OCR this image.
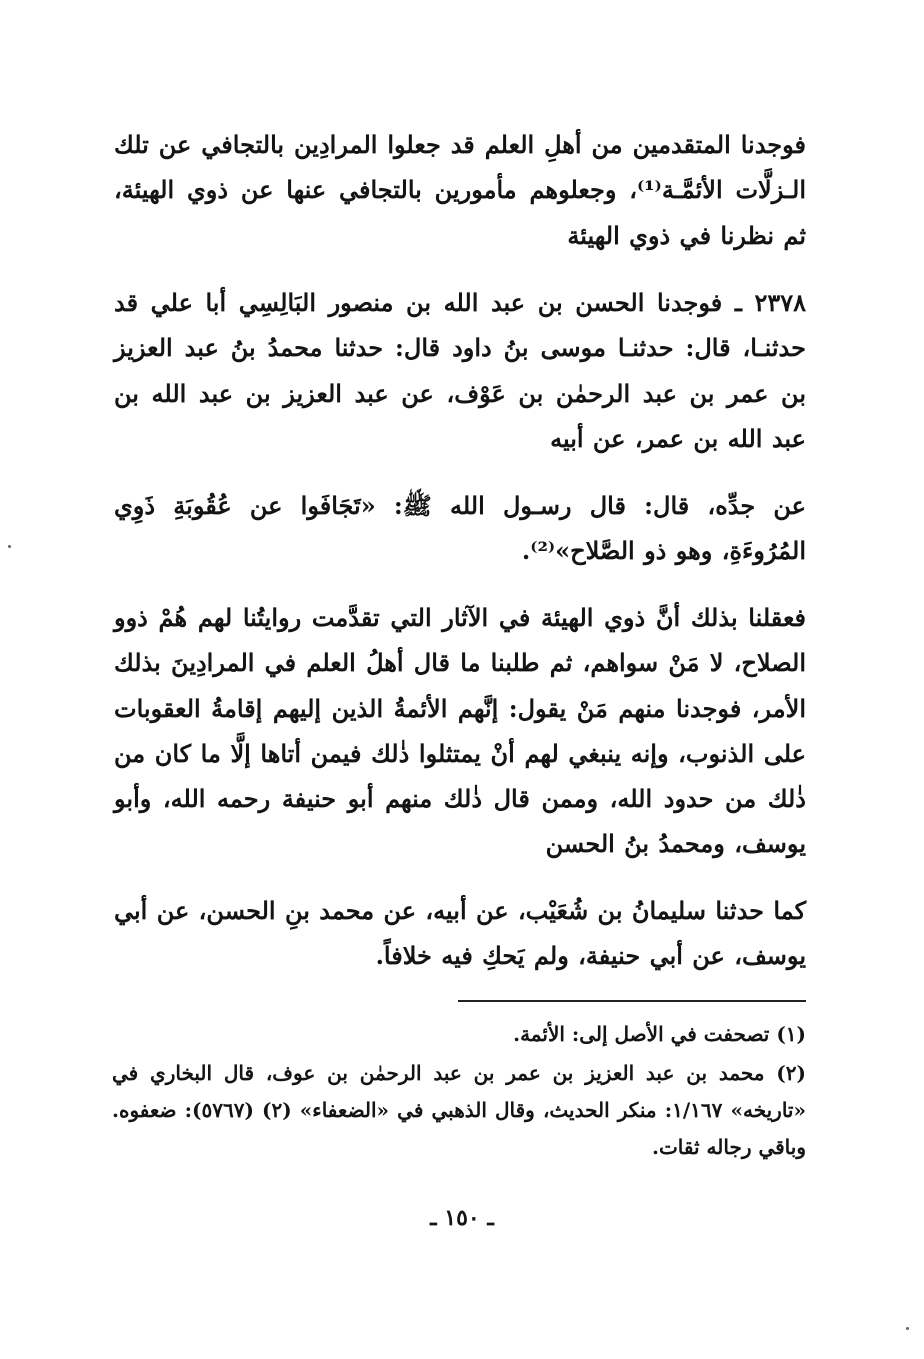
فوجدنا المتقدمين من أهلِ العلم قد جعلوا المرادِين بالتجافي عن تلك الـزلَّات الأئمَّـة⁽¹⁾، وجعلوهم مأمورين بالتجافي عنها عن ذوي الهيئة، ثم نظرنا في ذوي الهيئة

٢٣٧٨ ـ فوجدنا الحسن بن عبد الله بن منصور البَالِسِي أبا علي قد حدثنـا، قال: حدثنـا موسى بنُ داود قال: حدثنا محمدُ بنُ عبد العزيز بن عمر بن عبد الرحمٰن بن عَوْف، عن عبد العزيز بن عبد الله بن عبد الله بن عمر، عن أبيه

عن جدِّه، قال: قال رسـول الله ﷺ: «تَجَافَوا عن عُقُوبَةِ ذَوِي المُرُوءَةِ، وهو ذو الصَّلاح»⁽²⁾.

فعقلنا بذلك أنَّ ذوي الهيئة في الآثار التي تقدَّمت روايتُنا لهم هُمْ ذوو الصلاح، لا مَنْ سواهم، ثم طلبنا ما قال أهلُ العلم في المرادِينَ بذلك الأمر، فوجدنا منهم مَنْ يقول: إنَّهم الأئمةُ الذين إليهم إقامةُ العقوبات على الذنوب، وإنه ينبغي لهم أنْ يمتثلوا ذٰلك فيمن أتاها إلَّا ما كان من ذٰلك من حدود الله، وممن قال ذٰلك منهم أبو حنيفة رحمه الله، وأبو يوسف، ومحمدُ بنُ الحسن

كما حدثنا سليمانُ بن شُعَيْب، عن أبيه، عن محمد بنِ الحسن، عن أبي يوسف، عن أبي حنيفة، ولم يَحكِ فيه خلافاً.

(١) تصحفت في الأصل إلى: الأئمة.

(٢) محمد بن عبد العزيز بن عمر بن عبد الرحمٰن بن عوف، قال البخاري في «تاريخه» ١/١٦٧: منكر الحديث، وقال الذهبي في «الضعفاء» (٢) (٥٧٦٧): ضعفوه. وباقي رجاله ثقات.

ـ ١٥٠ ـ
